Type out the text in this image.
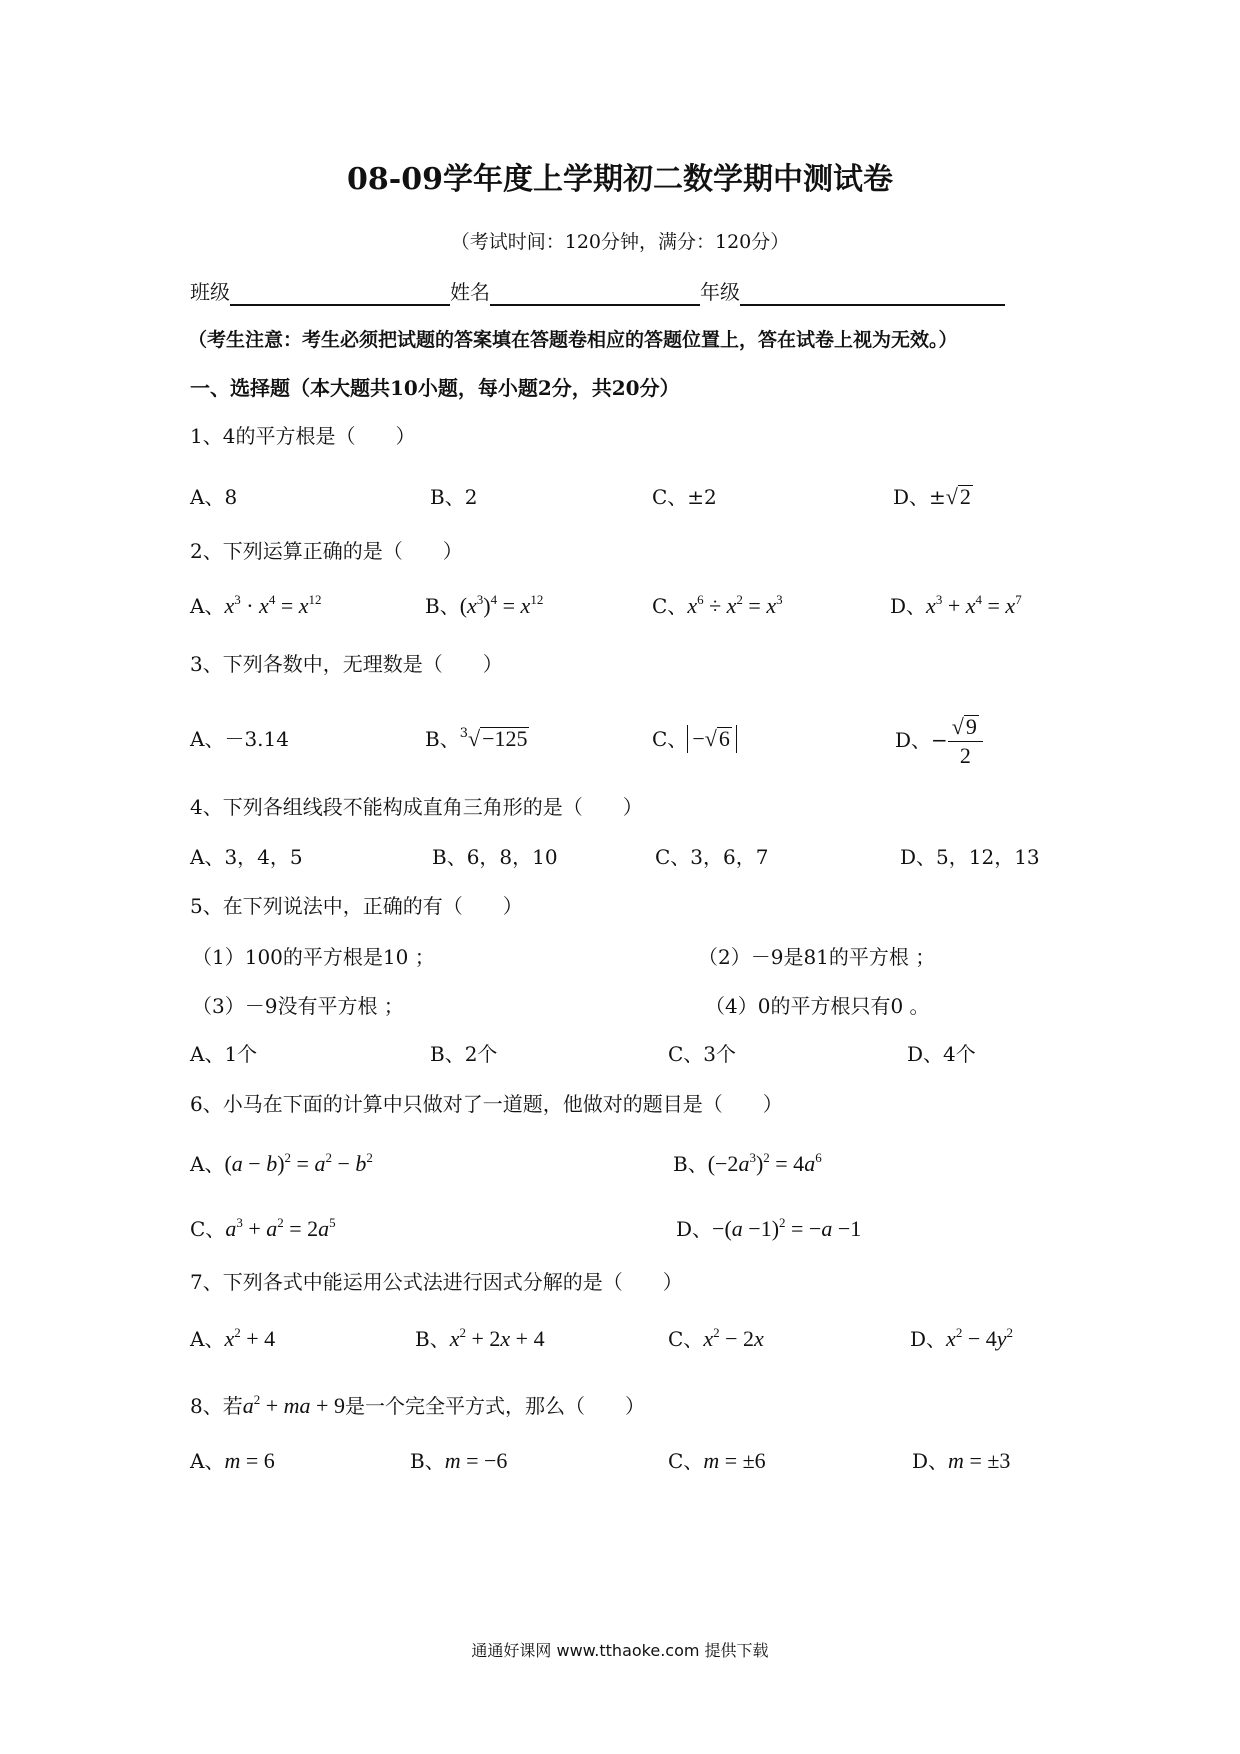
08-09学年度上学期初二数学期中测试卷
（考试时间：120分钟，满分：120分）
班级	姓名	年级
（考生注意：考生必须把试题的答案填在答题卷相应的答题位置上，答在试卷上视为无效。）
一、选择题（本大题共10小题，每小题2分，共20分）
1、4的平方根是（　　）
A、8	B、2	C、±2	D、±√2
2、下列运算正确的是（　　）
A、$x^3 \cdot x^4 = x^{12}$	B、$(x^3)^4 = x^{12}$	C、$x^6 \div x^2 = x^3$	D、$x^3 + x^4 = x^7$
3、下列各数中，无理数是（　　）
A、－3.14	B、$^3$√−125	C、 −√6	D、− $\frac{√9}{2}$
4、下列各组线段不能构成直角三角形的是（　　）
A、3，4，5	B、6，8，10	C、3，6，7	D、5，12，13
5、在下列说法中，正确的有（　　）
（1）100的平方根是10 ；	（2）－9是81的平方根 ；
（3）－9没有平方根 ；	（4）0的平方根只有0 。
A、1个	B、2个	C、3个	D、4个
6、小马在下面的计算中只做对了一道题，他做对的题目是（　　）
A、$(a - b)^2 = a^2 - b^2$	B、$(-2a^3)^2 = 4a^6$
C、$a^3 + a^2 = 2a^5$	D、$-(a -1)^2 = -a -1$
7、下列各式中能运用公式法进行因式分解的是（　　）
A、$x^2 + 4$	B、$x^2 + 2x + 4$	C、$x^2 - 2x$	D、$x^2 - 4y^2$
8、若$a^2$ + ma + 9是一个完全平方式，那么（　　）
A、m = 6	B、m = −6	C、m = ±6	D、m = ±3
通通好课网 www.tthaoke.com 提供下载
